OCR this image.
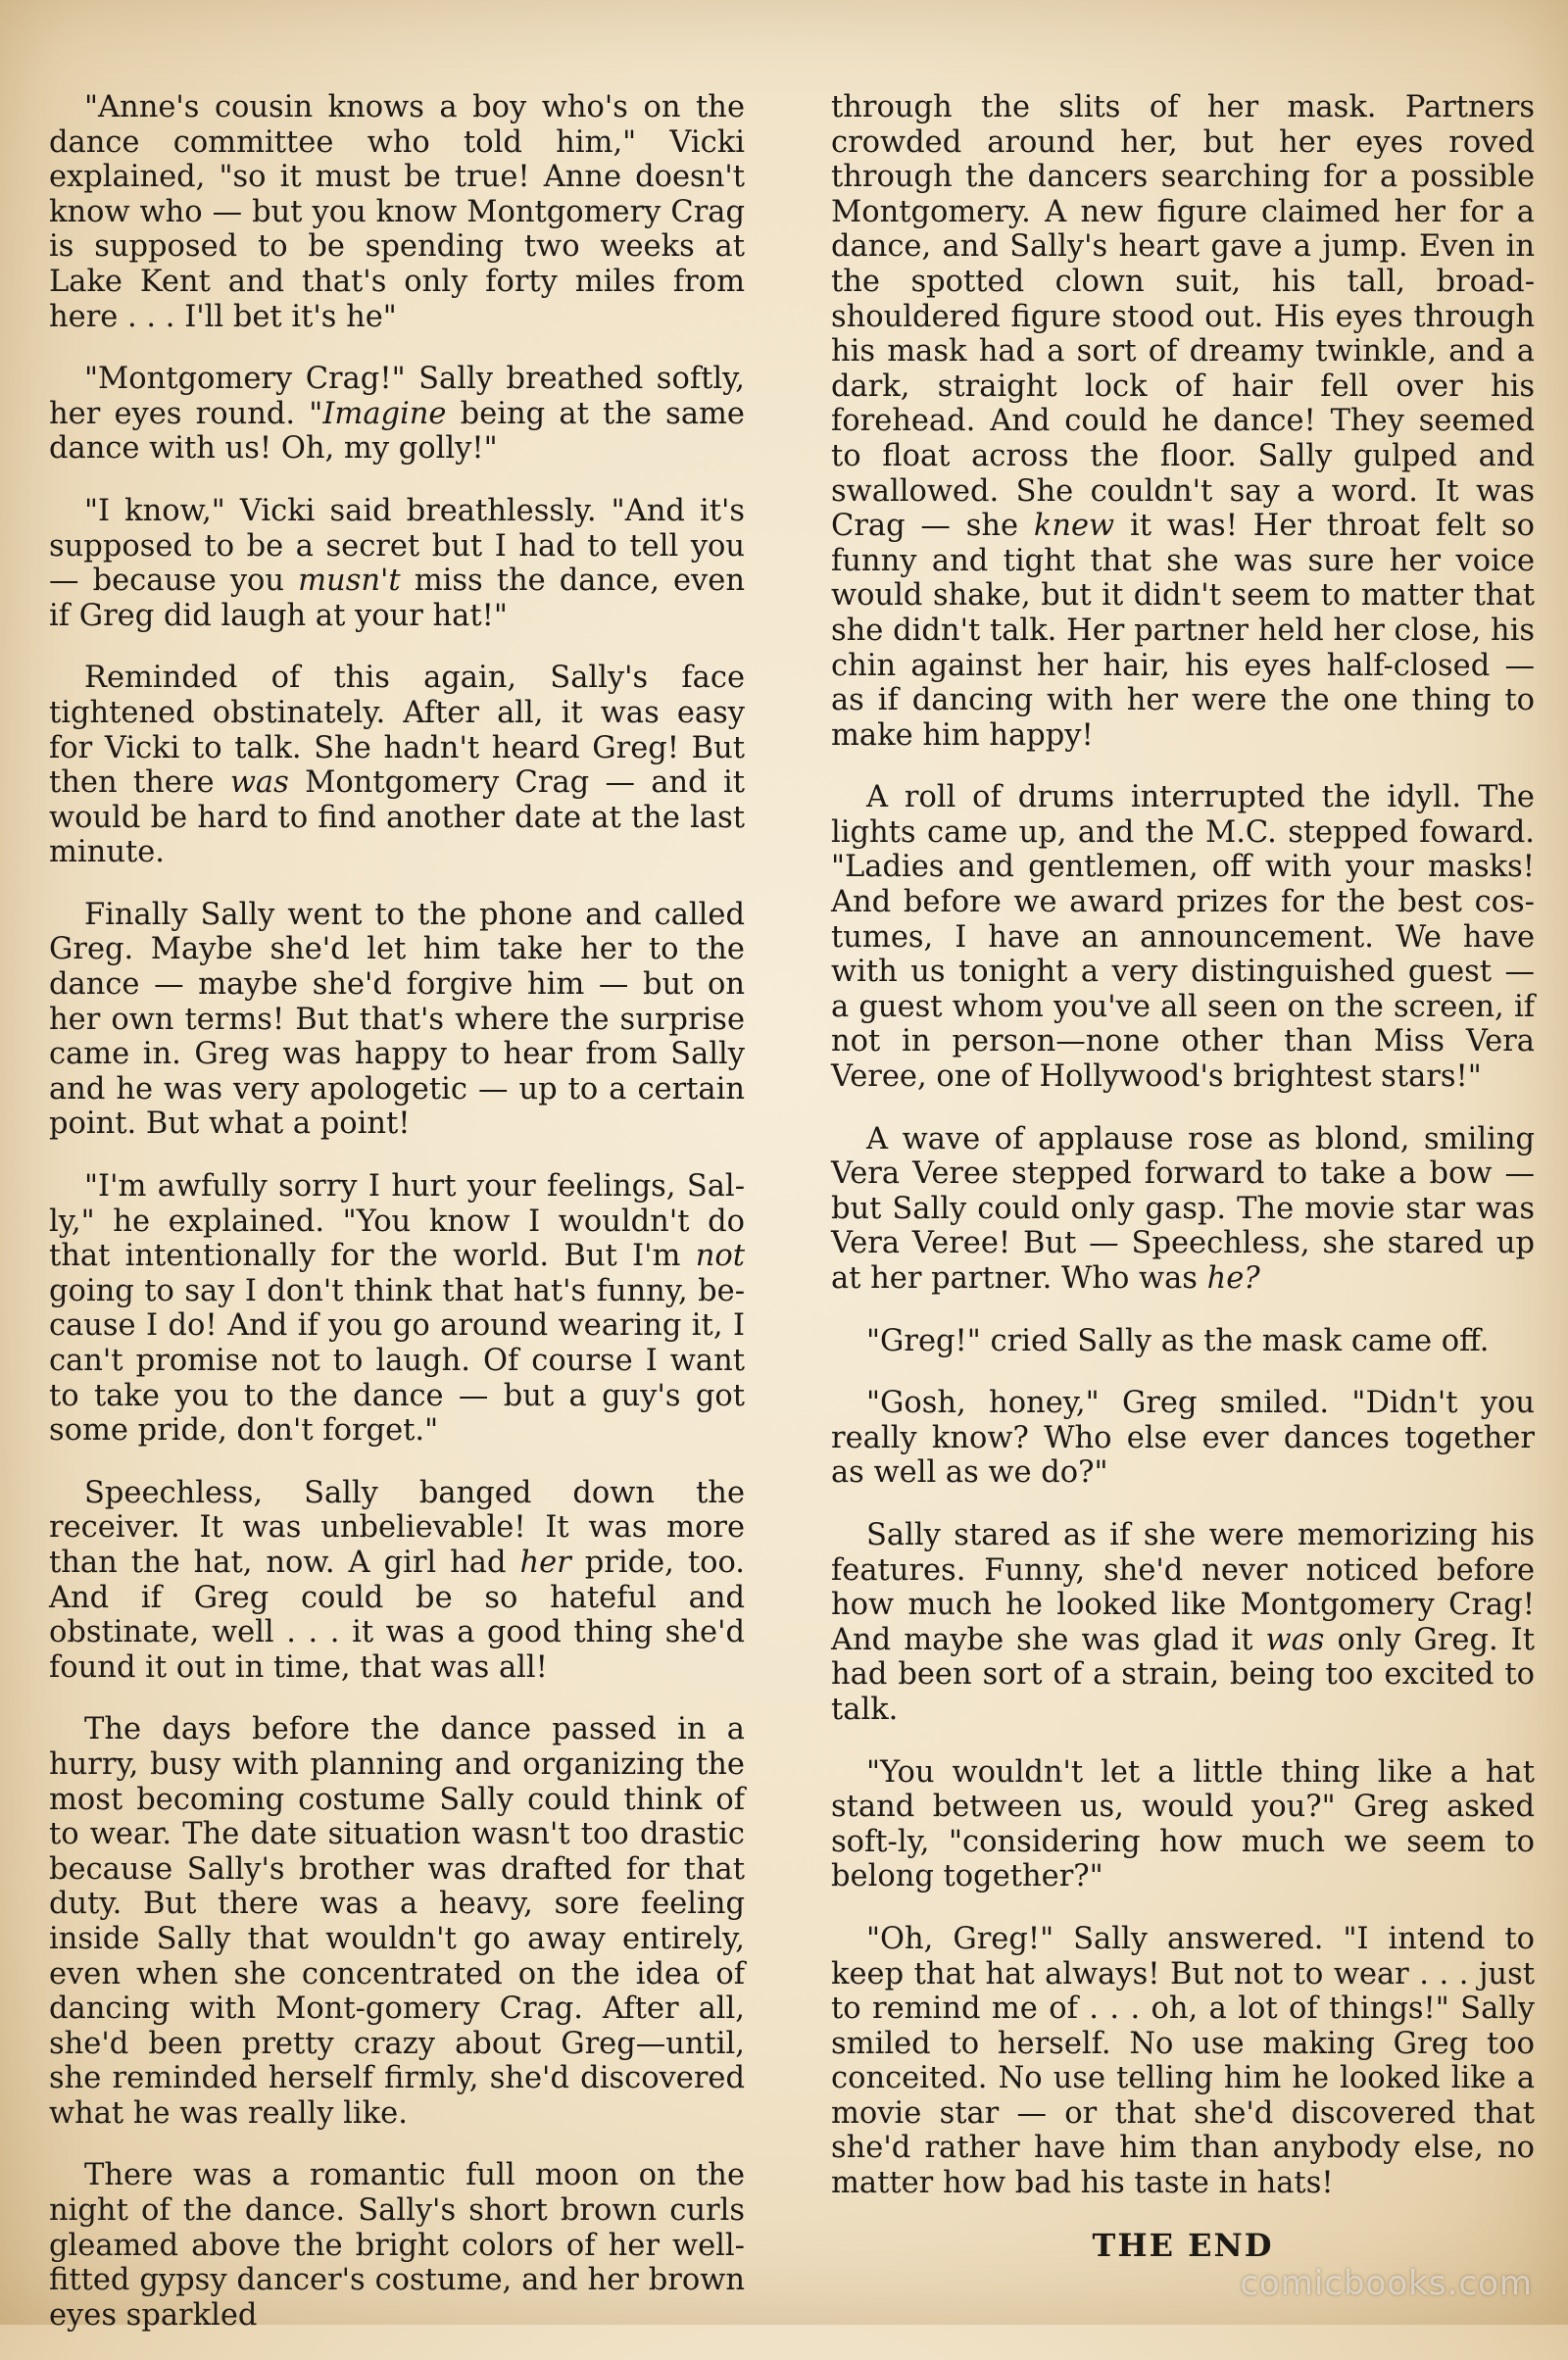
"Anne's cousin knows a boy who's on the dance committee who told him," Vicki explained, "so it must be true! Anne doesn't know who — but you know Montgomery Crag is supposed to be spending two weeks at Lake Kent and that's only forty miles from here . . . I'll bet it's he"

"Montgomery Crag!" Sally breathed softly, her eyes round. "Imagine being at the same dance with us! Oh, my golly!"

"I know," Vicki said breathlessly. "And it's supposed to be a secret but I had to tell you — because you musn't miss the dance, even if Greg did laugh at your hat!"

Reminded of this again, Sally's face tightened obstinately. After all, it was easy for Vicki to talk. She hadn't heard Greg! But then there was Montgomery Crag — and it would be hard to find another date at the last minute.

Finally Sally went to the phone and called Greg. Maybe she'd let him take her to the dance — maybe she'd forgive him — but on her own terms! But that's where the surprise came in. Greg was happy to hear from Sally and he was very apologetic — up to a certain point. But what a point!

"I'm awfully sorry I hurt your feelings, Sal-ly," he explained. "You know I wouldn't do that intentionally for the world. But I'm not going to say I don't think that hat's funny, be-cause I do! And if you go around wearing it, I can't promise not to laugh. Of course I want to take you to the dance — but a guy's got some pride, don't forget."

Speechless, Sally banged down the receiver. It was unbelievable! It was more than the hat, now. A girl had her pride, too. And if Greg could be so hateful and obstinate, well . . . it was a good thing she'd found it out in time, that was all!

The days before the dance passed in a hurry, busy with planning and organizing the most becoming costume Sally could think of to wear. The date situation wasn't too drastic because Sally's brother was drafted for that duty. But there was a heavy, sore feeling inside Sally that wouldn't go away entirely, even when she concentrated on the idea of dancing with Mont-gomery Crag. After all, she'd been pretty crazy about Greg—until, she reminded herself firmly, she'd discovered what he was really like.

There was a romantic full moon on the night of the dance. Sally's short brown curls gleamed above the bright colors of her well-fitted gypsy dancer's costume, and her brown eyes sparkled

through the slits of her mask. Partners crowded around her, but her eyes roved through the dancers searching for a possible Montgomery. A new figure claimed her for a dance, and Sally's heart gave a jump. Even in the spotted clown suit, his tall, broad-shouldered figure stood out. His eyes through his mask had a sort of dreamy twinkle, and a dark, straight lock of hair fell over his forehead. And could he dance! They seemed to float across the floor. Sally gulped and swallowed. She couldn't say a word. It was Crag — she knew it was! Her throat felt so funny and tight that she was sure her voice would shake, but it didn't seem to matter that she didn't talk. Her partner held her close, his chin against her hair, his eyes half-closed — as if dancing with her were the one thing to make him happy!

A roll of drums interrupted the idyll. The lights came up, and the M.C. stepped foward. "Ladies and gentlemen, off with your masks! And before we award prizes for the best cos-tumes, I have an announcement. We have with us tonight a very distinguished guest — a guest whom you've all seen on the screen, if not in person—none other than Miss Vera Veree, one of Hollywood's brightest stars!"

A wave of applause rose as blond, smiling Vera Veree stepped forward to take a bow — but Sally could only gasp. The movie star was Vera Veree! But — Speechless, she stared up at her partner. Who was he?

"Greg!" cried Sally as the mask came off.

"Gosh, honey," Greg smiled. "Didn't you really know? Who else ever dances together as well as we do?"

Sally stared as if she were memorizing his features. Funny, she'd never noticed before how much he looked like Montgomery Crag! And maybe she was glad it was only Greg. It had been sort of a strain, being too excited to talk.

"You wouldn't let a little thing like a hat stand between us, would you?" Greg asked soft-ly, "considering how much we seem to belong together?"

"Oh, Greg!" Sally answered. "I intend to keep that hat always! But not to wear . . . just to remind me of . . . oh, a lot of things!" Sally smiled to herself. No use making Greg too conceited. No use telling him he looked like a movie star — or that she'd discovered that she'd rather have him than anybody else, no matter how bad his taste in hats!

THE END

comicbooks.com
